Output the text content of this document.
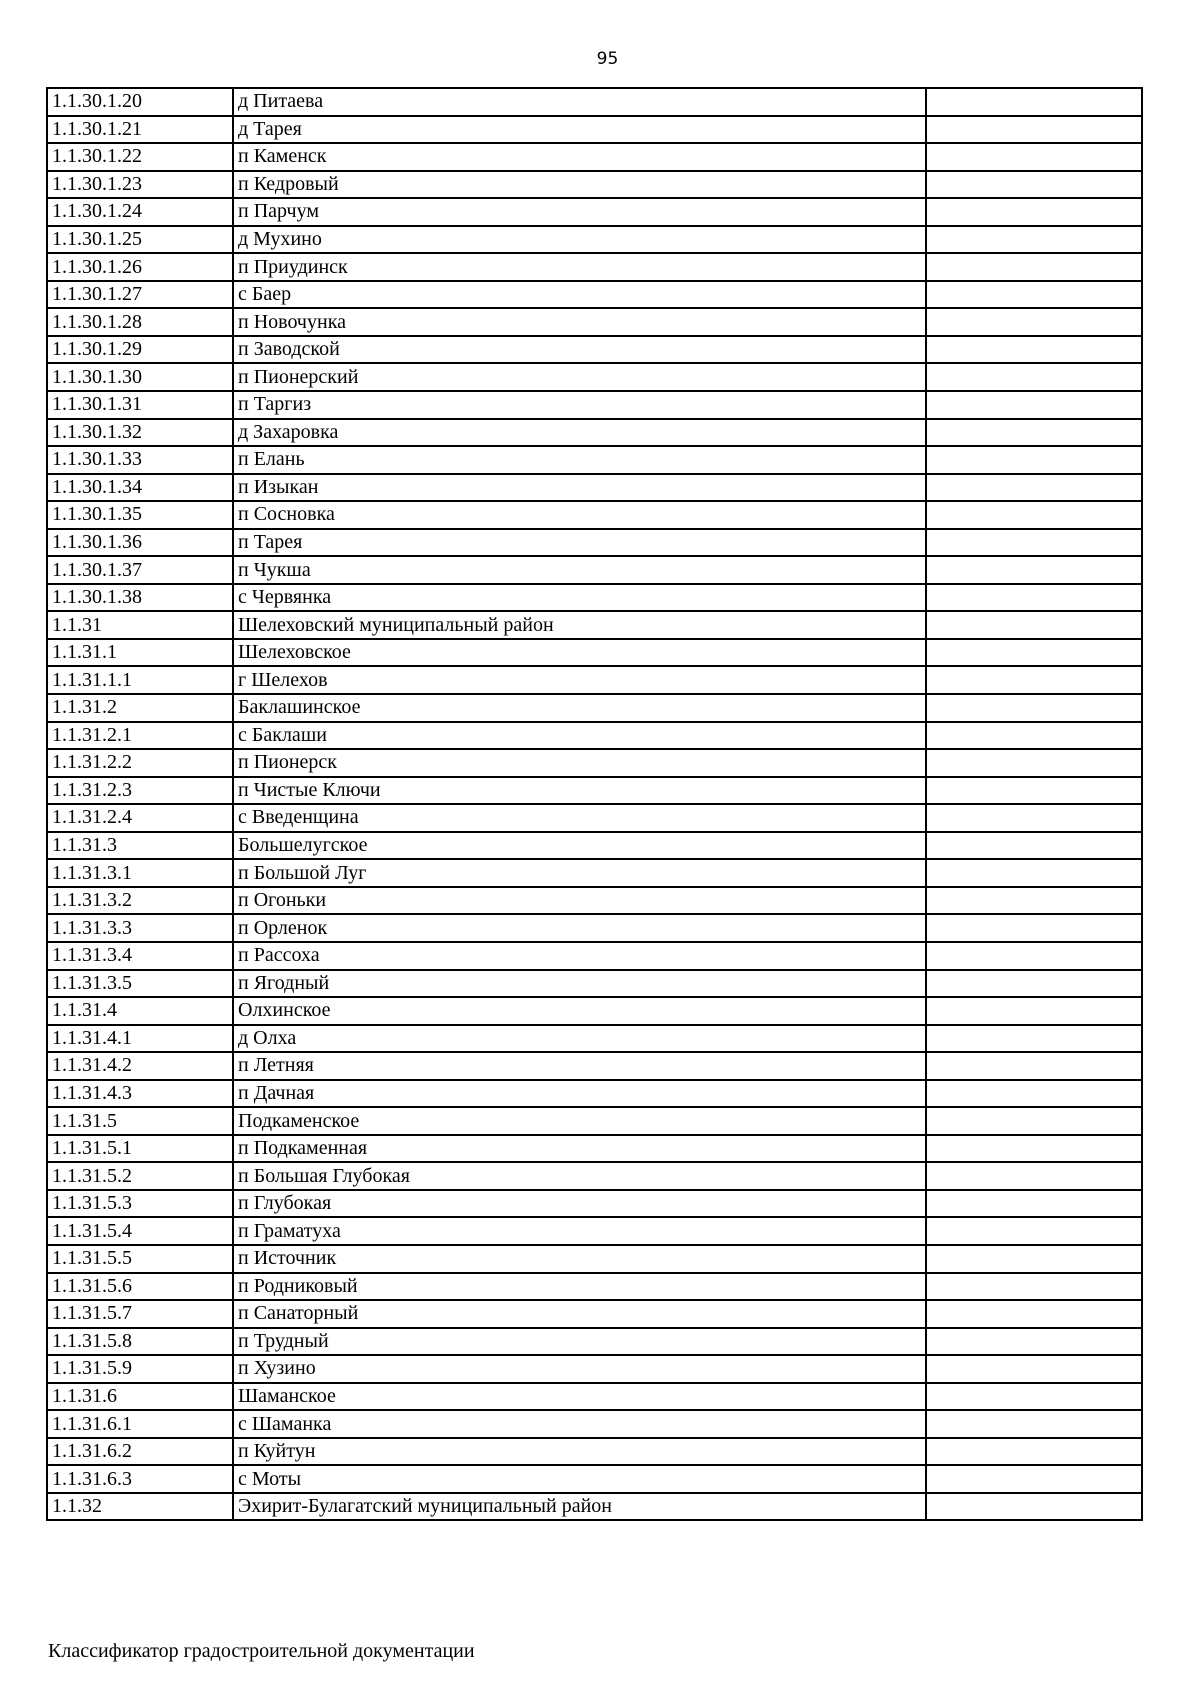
95
1.1.30.1.20	д Питаева	
1.1.30.1.21	д Тарея	
1.1.30.1.22	п Каменск	
1.1.30.1.23	п Кедровый	
1.1.30.1.24	п Парчум	
1.1.30.1.25	д Мухино	
1.1.30.1.26	п Приудинск	
1.1.30.1.27	с Баер	
1.1.30.1.28	п Новочунка	
1.1.30.1.29	п Заводской	
1.1.30.1.30	п Пионерский	
1.1.30.1.31	п Таргиз	
1.1.30.1.32	д Захаровка	
1.1.30.1.33	п Елань	
1.1.30.1.34	п Изыкан	
1.1.30.1.35	п Сосновка	
1.1.30.1.36	п Тарея	
1.1.30.1.37	п Чукша	
1.1.30.1.38	с Червянка	
1.1.31	Шелеховский муниципальный район	
1.1.31.1	Шелеховское	
1.1.31.1.1	г Шелехов	
1.1.31.2	Баклашинское	
1.1.31.2.1	с Баклаши	
1.1.31.2.2	п Пионерск	
1.1.31.2.3	п Чистые Ключи	
1.1.31.2.4	с Введенщина	
1.1.31.3	Большелугское	
1.1.31.3.1	п Большой Луг	
1.1.31.3.2	п Огоньки	
1.1.31.3.3	п Орленок	
1.1.31.3.4	п Рассоха	
1.1.31.3.5	п Ягодный	
1.1.31.4	Олхинское	
1.1.31.4.1	д Олха	
1.1.31.4.2	п Летняя	
1.1.31.4.3	п Дачная	
1.1.31.5	Подкаменское	
1.1.31.5.1	п Подкаменная	
1.1.31.5.2	п Большая Глубокая	
1.1.31.5.3	п Глубокая	
1.1.31.5.4	п Граматуха	
1.1.31.5.5	п Источник	
1.1.31.5.6	п Родниковый	
1.1.31.5.7	п Санаторный	
1.1.31.5.8	п Трудный	
1.1.31.5.9	п Хузино	
1.1.31.6	Шаманское	
1.1.31.6.1	с Шаманка	
1.1.31.6.2	п Куйтун	
1.1.31.6.3	с Моты	
1.1.32	Эхирит-Булагатский муниципальный район	
Классификатор градостроительной документации
